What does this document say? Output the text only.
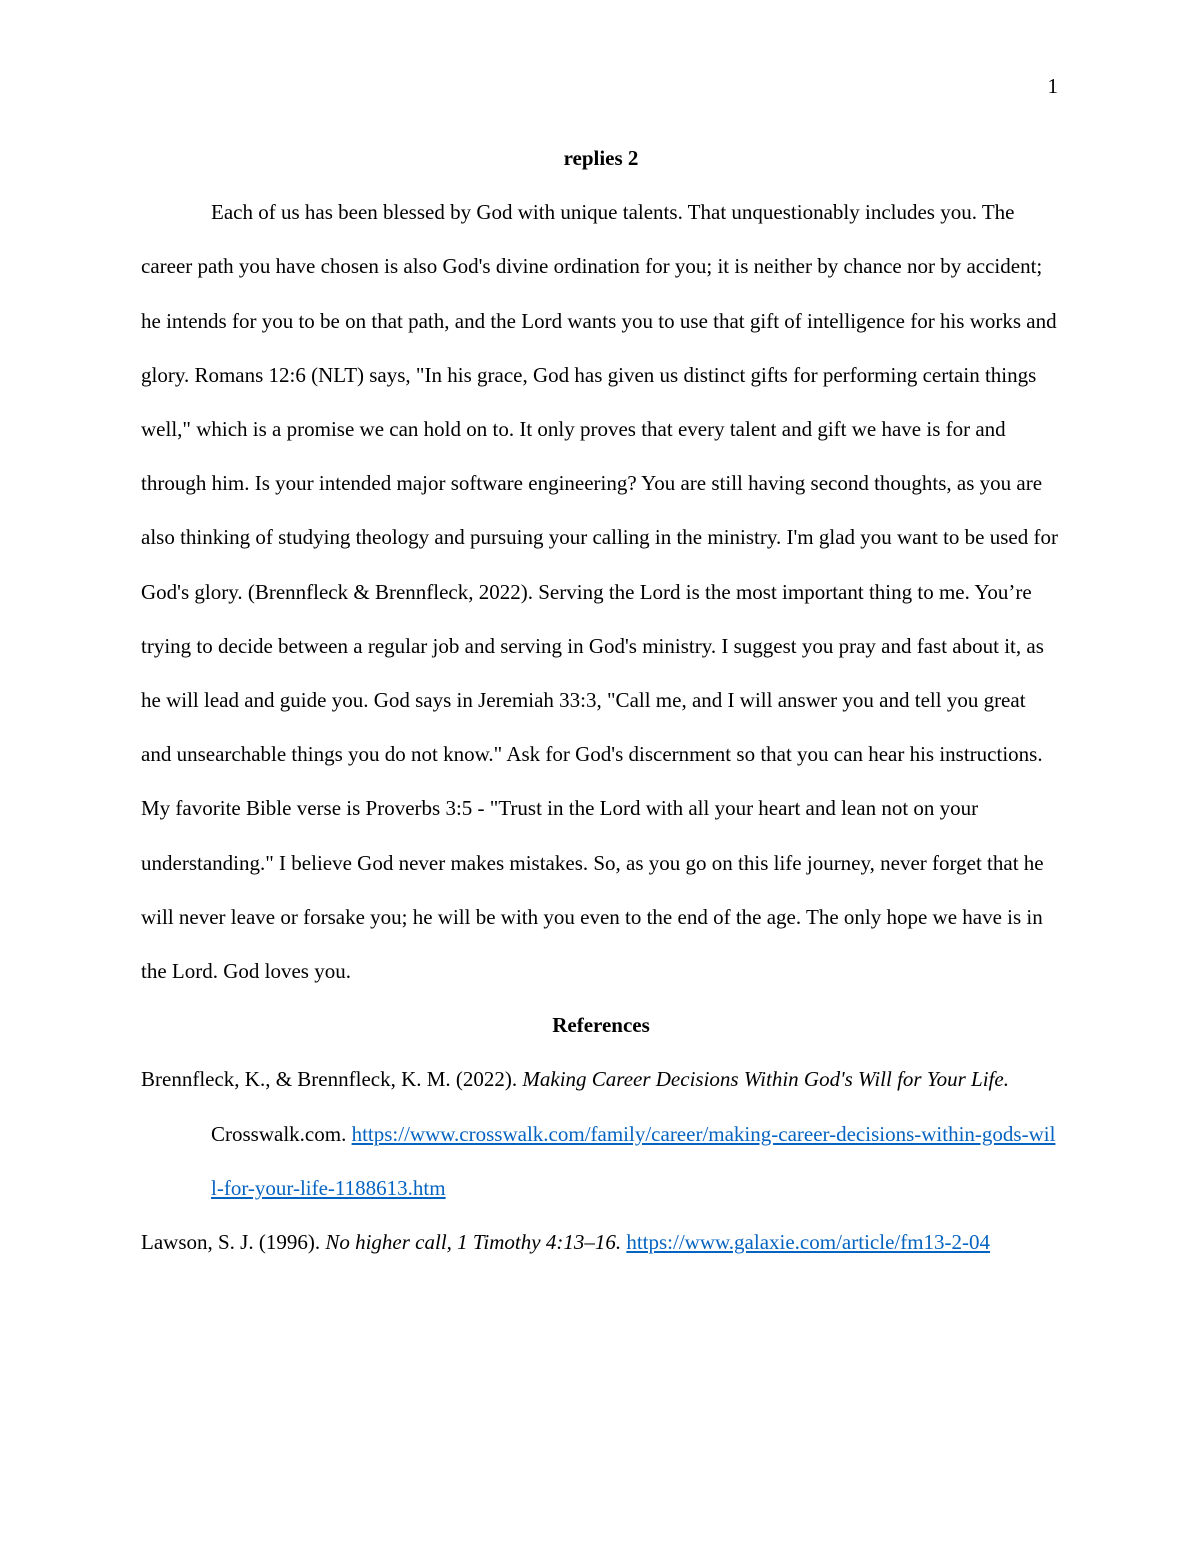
1

replies 2

Each of us has been blessed by God with unique talents. That unquestionably includes you. The career path you have chosen is also God's divine ordination for you; it is neither by chance nor by accident; he intends for you to be on that path, and the Lord wants you to use that gift of intelligence for his works and glory. Romans 12:6 (NLT) says, "In his grace, God has given us distinct gifts for performing certain things well," which is a promise we can hold on to. It only proves that every talent and gift we have is for and through him. Is your intended major software engineering? You are still having second thoughts, as you are also thinking of studying theology and pursuing your calling in the ministry. I'm glad you want to be used for God's glory. (Brennfleck & Brennfleck, 2022). Serving the Lord is the most important thing to me. You’re trying to decide between a regular job and serving in God's ministry. I suggest you pray and fast about it, as he will lead and guide you. God says in Jeremiah 33:3, "Call me, and I will answer you and tell you great and unsearchable things you do not know." Ask for God's discernment so that you can hear his instructions. My favorite Bible verse is Proverbs 3:5 - "Trust in the Lord with all your heart and lean not on your understanding." I believe God never makes mistakes. So, as you go on this life journey, never forget that he will never leave or forsake you; he will be with you even to the end of the age. The only hope we have is in the Lord. God loves you.

References

Brennfleck, K., & Brennfleck, K. M. (2022). Making Career Decisions Within God's Will for Your Life. Crosswalk.com. https://www.crosswalk.com/family/career/making-career-decisions-within-gods-will-for-your-life-1188613.htm

Lawson, S. J. (1996). No higher call, 1 Timothy 4:13–16. https://www.galaxie.com/article/fm13-2-04
